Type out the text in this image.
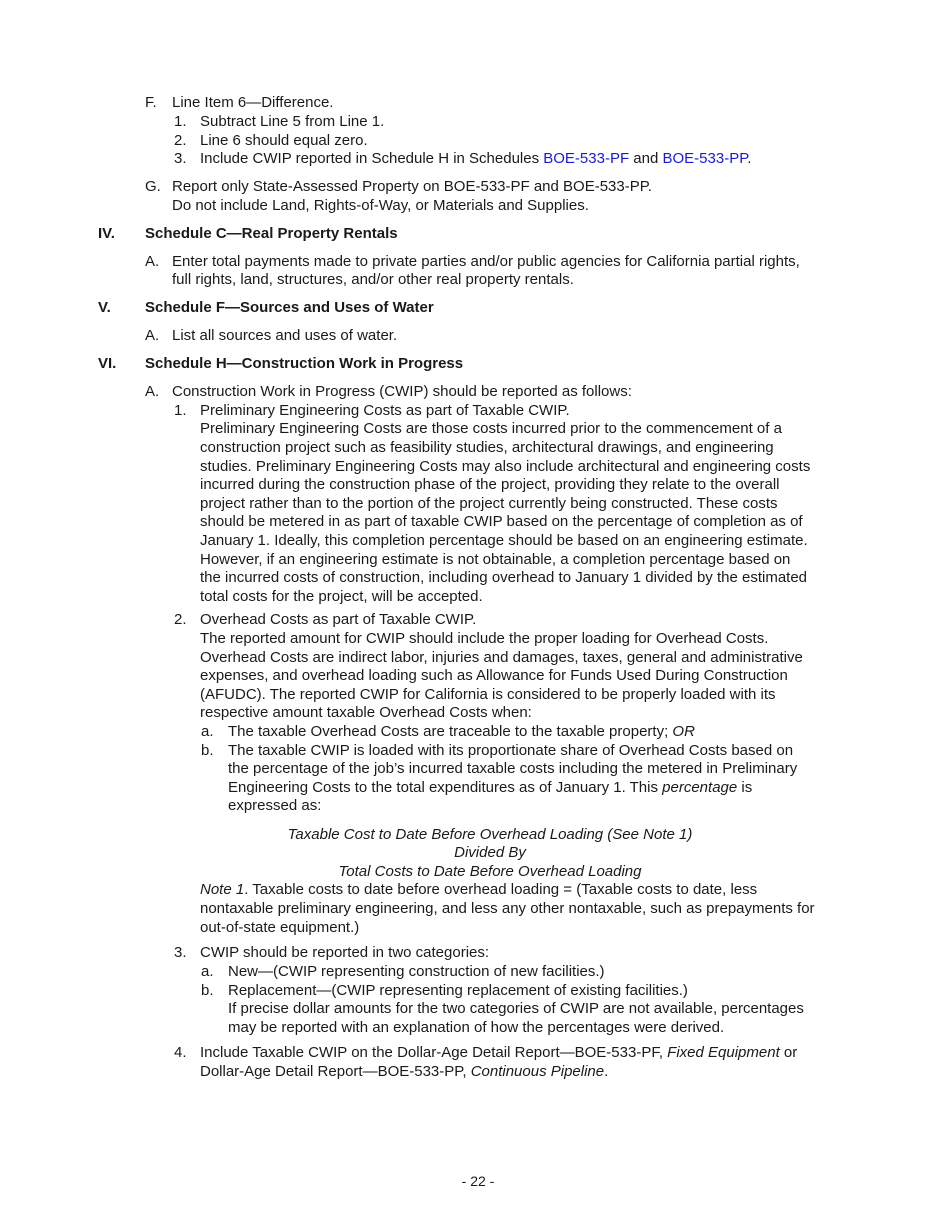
F. Line Item 6—Difference.
1. Subtract Line 5 from Line 1.
2. Line 6 should equal zero.
3. Include CWIP reported in Schedule H in Schedules BOE-533-PF and BOE-533-PP.
G. Report only State-Assessed Property on BOE-533-PF and BOE-533-PP.
Do not include Land, Rights-of-Way, or Materials and Supplies.
IV. Schedule C—Real Property Rentals
A. Enter total payments made to private parties and/or public agencies for California partial rights,
full rights, land, structures, and/or other real property rentals.
V. Schedule F—Sources and Uses of Water
A. List all sources and uses of water.
VI. Schedule H—Construction Work in Progress
A. Construction Work in Progress (CWIP) should be reported as follows:
1. Preliminary Engineering Costs as part of Taxable CWIP.
Preliminary Engineering Costs are those costs incurred prior to the commencement of a
construction project such as feasibility studies, architectural drawings, and engineering
studies. Preliminary Engineering Costs may also include architectural and engineering costs
incurred during the construction phase of the project, providing they relate to the overall
project rather than to the portion of the project currently being constructed. These costs
should be metered in as part of taxable CWIP based on the percentage of completion as of
January 1. Ideally, this completion percentage should be based on an engineering estimate.
However, if an engineering estimate is not obtainable, a completion percentage based on
the incurred costs of construction, including overhead to January 1 divided by the estimated
total costs for the project, will be accepted.
2. Overhead Costs as part of Taxable CWIP.
The reported amount for CWIP should include the proper loading for Overhead Costs.
Overhead Costs are indirect labor, injuries and damages, taxes, general and administrative
expenses, and overhead loading such as Allowance for Funds Used During Construction
(AFUDC). The reported CWIP for California is considered to be properly loaded with its
respective amount taxable Overhead Costs when:
a. The taxable Overhead Costs are traceable to the taxable property; OR
b. The taxable CWIP is loaded with its proportionate share of Overhead Costs based on
the percentage of the job’s incurred taxable costs including the metered in Preliminary
Engineering Costs to the total expenditures as of January 1. This percentage is
expressed as:
Taxable Cost to Date Before Overhead Loading (See Note 1)
Divided By
Total Costs to Date Before Overhead Loading
Note 1. Taxable costs to date before overhead loading = (Taxable costs to date, less
nontaxable preliminary engineering, and less any other nontaxable, such as prepayments for
out-of-state equipment.)
3. CWIP should be reported in two categories:
a. New—(CWIP representing construction of new facilities.)
b. Replacement—(CWIP representing replacement of existing facilities.)
If precise dollar amounts for the two categories of CWIP are not available, percentages
may be reported with an explanation of how the percentages were derived.
4. Include Taxable CWIP on the Dollar-Age Detail Report—BOE-533-PF, Fixed Equipment or
Dollar-Age Detail Report—BOE-533-PP, Continuous Pipeline.
- 22 -
